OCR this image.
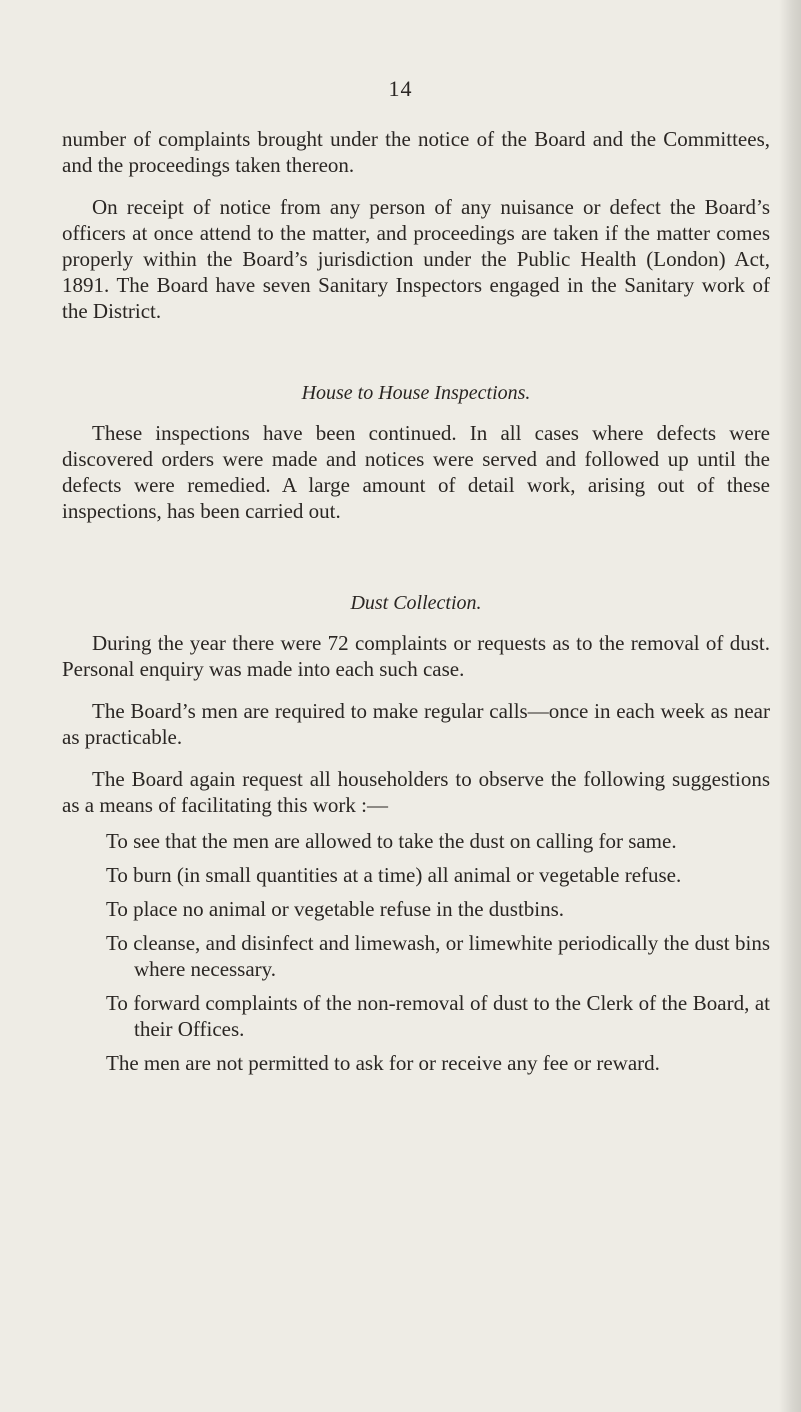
14

number of complaints brought under the notice of the Board and the Committees, and the proceedings taken thereon.

On receipt of notice from any person of any nuisance or defect the Board’s officers at once attend to the matter, and proceedings are taken if the matter comes properly within the Board’s jurisdiction under the Public Health (London) Act, 1891. The Board have seven Sanitary Inspectors engaged in the Sanitary work of the District.

House to House Inspections.

These inspections have been continued. In all cases where defects were discovered orders were made and notices were served and followed up until the defects were remedied. A large amount of detail work, arising out of these inspections, has been carried out.

Dust Collection.

During the year there were 72 complaints or requests as to the removal of dust. Personal enquiry was made into each such case.

The Board’s men are required to make regular calls—once in each week as near as practicable.

The Board again request all householders to observe the following suggestions as a means of facilitating this work :—

To see that the men are allowed to take the dust on calling for same.
To burn (in small quantities at a time) all animal or vegetable refuse.
To place no animal or vegetable refuse in the dustbins.
To cleanse, and disinfect and limewash, or limewhite periodically the dust bins where necessary.
To forward complaints of the non-removal of dust to the Clerk of the Board, at their Offices.
The men are not permitted to ask for or receive any fee or reward.
